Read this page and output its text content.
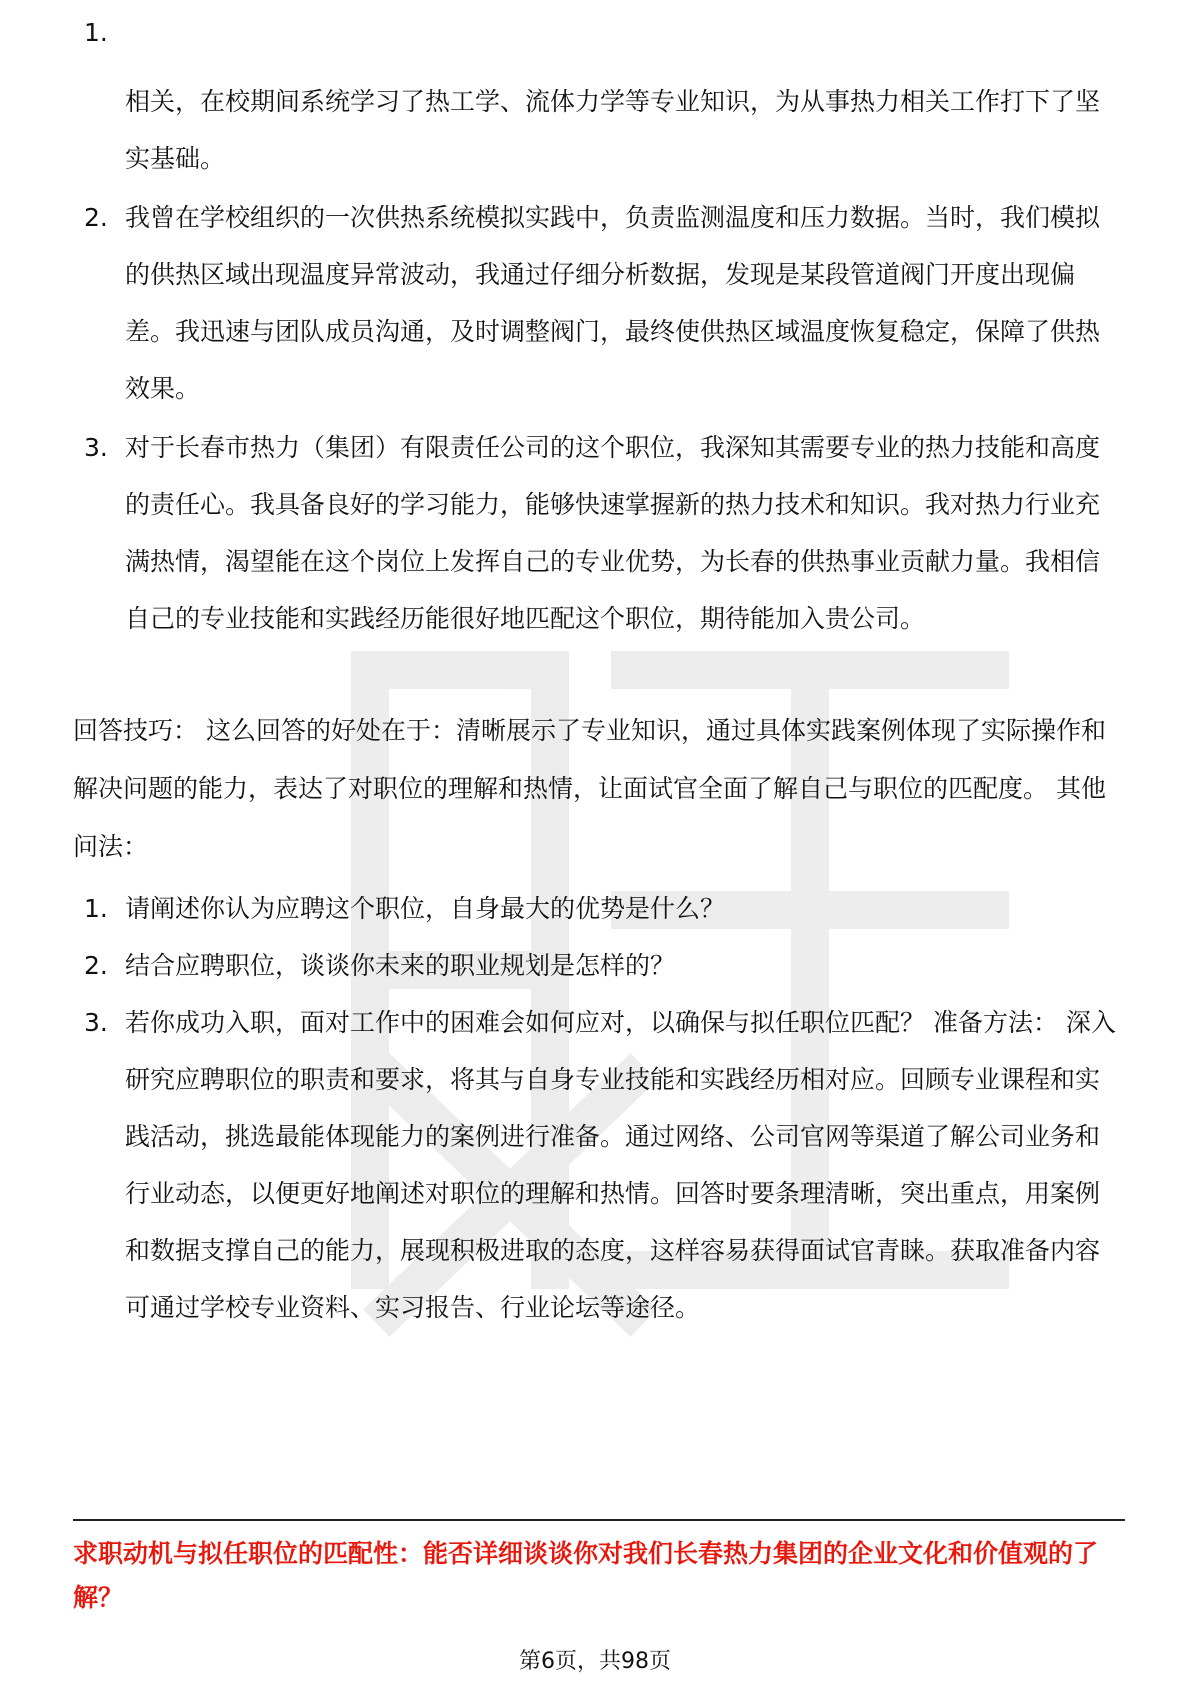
1.
相关，在校期间系统学习了热工学、流体力学等专业知识，为从事热力相关工作打下了坚实基础。
2. 我曾在学校组织的一次供热系统模拟实践中，负责监测温度和压力数据。当时，我们模拟的供热区域出现温度异常波动，我通过仔细分析数据，发现是某段管道阀门开度出现偏差。我迅速与团队成员沟通，及时调整阀门，最终使供热区域温度恢复稳定，保障了供热效果。
3. 对于长春市热力（集团）有限责任公司的这个职位，我深知其需要专业的热力技能和高度的责任心。我具备良好的学习能力，能够快速掌握新的热力技术和知识。我对热力行业充满热情，渴望能在这个岗位上发挥自己的专业优势，为长春的供热事业贡献力量。我相信自己的专业技能和实践经历能很好地匹配这个职位，期待能加入贵公司。

回答技巧： 这么回答的好处在于：清晰展示了专业知识，通过具体实践案例体现了实际操作和解决问题的能力，表达了对职位的理解和热情，让面试官全面了解自己与职位的匹配度。 其他问法：

1. 请阐述你认为应聘这个职位，自身最大的优势是什么？
2. 结合应聘职位，谈谈你未来的职业规划是怎样的？
3. 若你成功入职，面对工作中的困难会如何应对，以确保与拟任职位匹配？ 准备方法： 深入研究应聘职位的职责和要求，将其与自身专业技能和实践经历相对应。回顾专业课程和实践活动，挑选最能体现能力的案例进行准备。通过网络、公司官网等渠道了解公司业务和行业动态，以便更好地阐述对职位的理解和热情。回答时要条理清晰，突出重点，用案例和数据支撑自己的能力，展现积极进取的态度，这样容易获得面试官青睐。获取准备内容可通过学校专业资料、实习报告、行业论坛等途径。

求职动机与拟任职位的匹配性：能否详细谈谈你对我们长春热力集团的企业文化和价值观的了解？

第6页，共98页
